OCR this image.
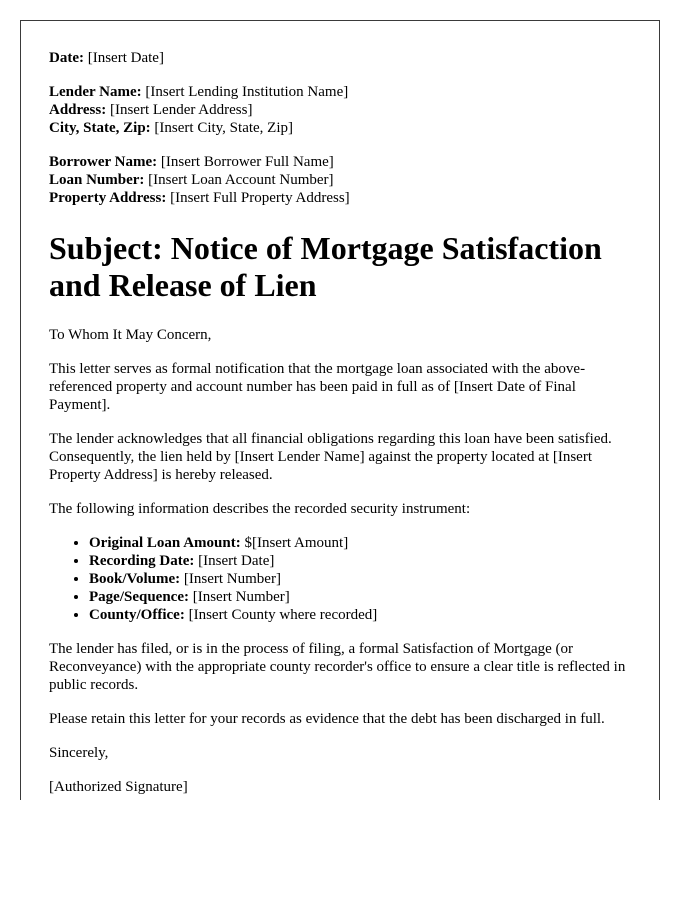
Date: [Insert Date]
Lender Name: [Insert Lending Institution Name]
Address: [Insert Lender Address]
City, State, Zip: [Insert City, State, Zip]
Borrower Name: [Insert Borrower Full Name]
Loan Number: [Insert Loan Account Number]
Property Address: [Insert Full Property Address]
Subject: Notice of Mortgage Satisfaction and Release of Lien

To Whom It May Concern,

This letter serves as formal notification that the mortgage loan associated with the above-referenced property and account number has been paid in full as of [Insert Date of Final Payment].

The lender acknowledges that all financial obligations regarding this loan have been satisfied. Consequently, the lien held by [Insert Lender Name] against the property located at [Insert Property Address] is hereby released.

The following information describes the recorded security instrument:

• Original Loan Amount: $[Insert Amount]
• Recording Date: [Insert Date]
• Book/Volume: [Insert Number]
• Page/Sequence: [Insert Number]
• County/Office: [Insert County where recorded]

The lender has filed, or is in the process of filing, a formal Satisfaction of Mortgage (or Reconveyance) with the appropriate county recorder's office to ensure a clear title is reflected in public records.

Please retain this letter for your records as evidence that the debt has been discharged in full.

Sincerely,

[Authorized Signature]
